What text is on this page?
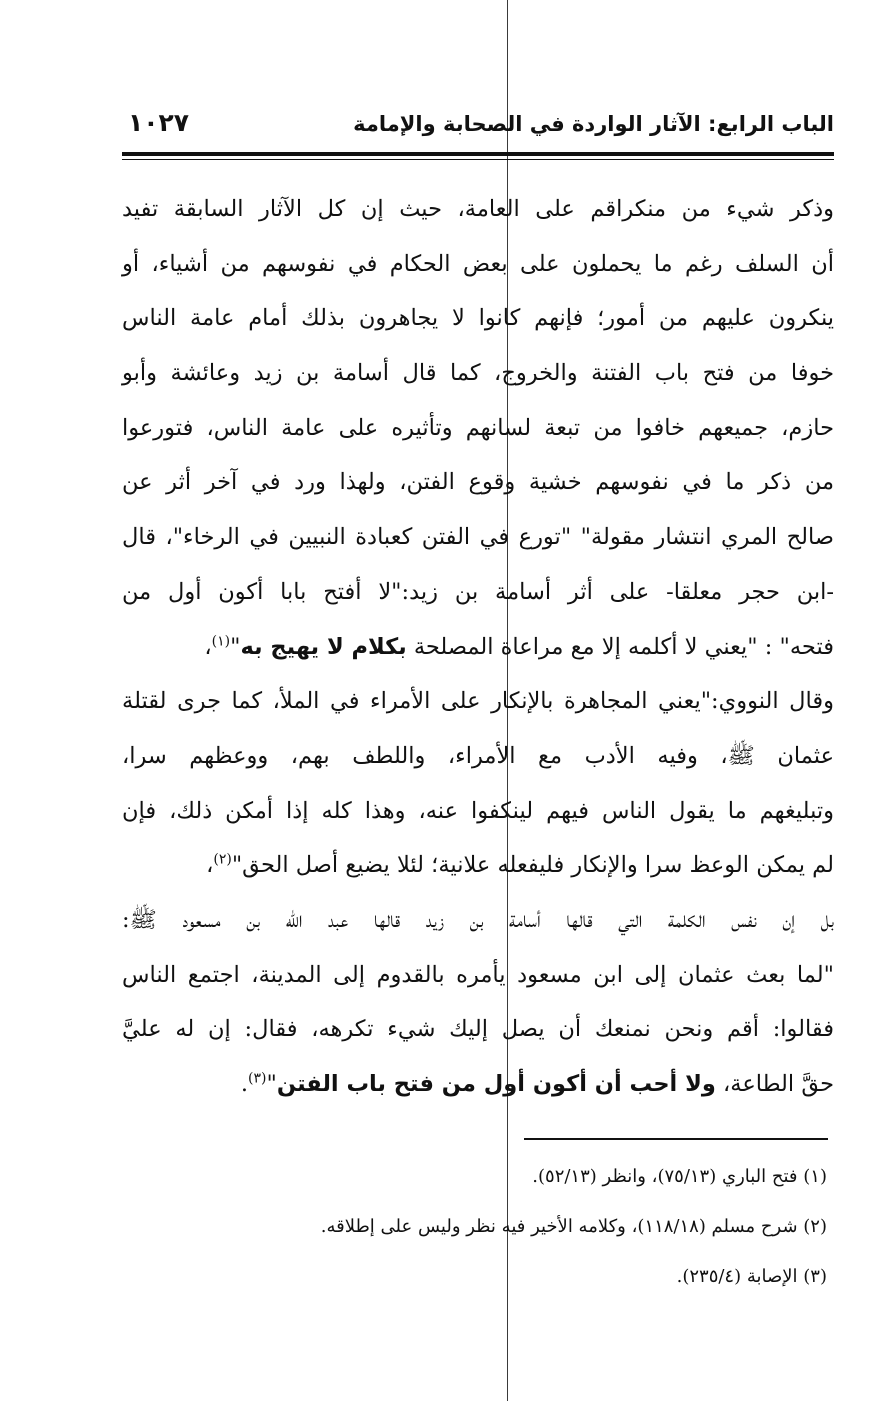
الباب الرابع: الآثار الواردة في الصحابة والإمامة
١٠٢٧
وذكر شيء من منكراقم على العامة، حيث إن كل الآثار السابقة تفيد
أن السلف رغم ما يحملون على بعض الحكام في نفوسهم من أشياء، أو
ينكرون عليهم من أمور؛ فإنهم كانوا لا يجاهرون بذلك أمام عامة الناس
خوفا من فتح باب الفتنة والخروج، كما قال أسامة بن زيد وعائشة وأبو
حازم، جميعهم خافوا من تبعة لسانهم وتأثيره على عامة الناس، فتورعوا
من ذكر ما في نفوسهم خشية وقوع الفتن، ولهذا ورد في آخر أثر عن
صالح المري انتشار مقولة" "تورع في الفتن كعبادة النبيين في الرخاء"، قال
-ابن حجر معلقا- على أثر أسامة بن زيد:"لا أفتح بابا أكون أول من
فتحه" : "يعني لا أكلمه إلا مع مراعاة المصلحة بكلام لا يهيج به"$^{(١)}$،
وقال النووي:"يعني المجاهرة بالإنكار على الأمراء في الملأ، كما جرى لقتلة
عثمان ﷺ، وفيه الأدب مع الأمراء، واللطف بهم، ووعظهم سرا،
وتبليغهم ما يقول الناس فيهم لينكفوا عنه، وهذا كله إذا أمكن ذلك، فإن
لم يمكن الوعظ سرا والإنكار فليفعله علانية؛ لئلا يضيع أصل الحق"$^{(٢)}$،
بل إن نفس الكلمة التي قالها أسامة بن زيد قالها عبد الله بن مسعود ﷺ:
"لما بعث عثمان إلى ابن مسعود يأمره بالقدوم إلى المدينة، اجتمع الناس
فقالوا: أقم ونحن نمنعك أن يصل إليك شيء تكرهه، فقال: إن له عليَّ
حقَّ الطاعة، ولا أحب أن أكون أول من فتح باب الفتن"$^{(٣)}$.
(١) فتح الباري (٧٥/١٣)، وانظر (٥٢/١٣).
(٢) شرح مسلم (١١٨/١٨)، وكلامه الأخير فيه نظر وليس على إطلاقه.
(٣) الإصابة (٢٣٥/٤).
